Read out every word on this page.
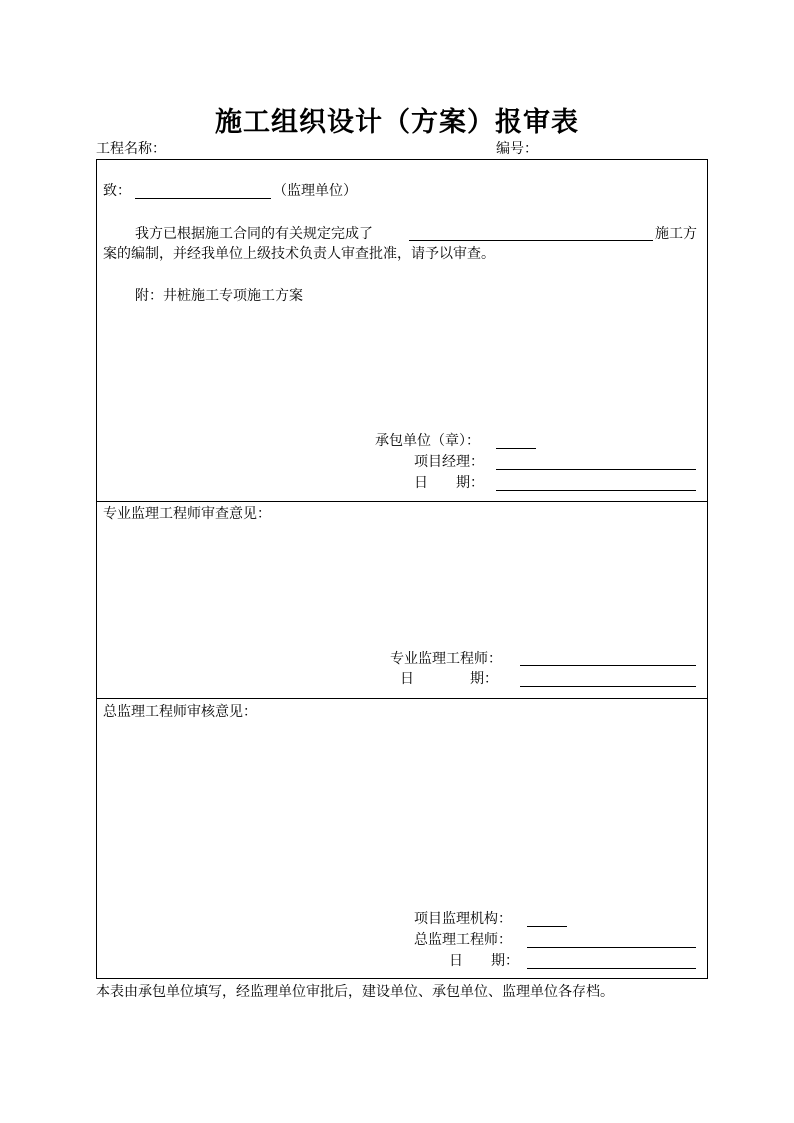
施工组织设计（方案）报审表
工程名称：	编号：
致：	（监理单位）
我方已根据施工合同的有关规定完成了	施工方
案的编制，并经我单位上级技术负责人审查批准，请予以审查。
附：井桩施工专项施工方案
承包单位（章）：
项目经理：
日　　期：
专业监理工程师审查意见：
专业监理工程师：
日　　　　期：
总监理工程师审核意见：
项目监理机构：
总监理工程师：
日　　期：
本表由承包单位填写，经监理单位审批后，建设单位、承包单位、监理单位各存档。
